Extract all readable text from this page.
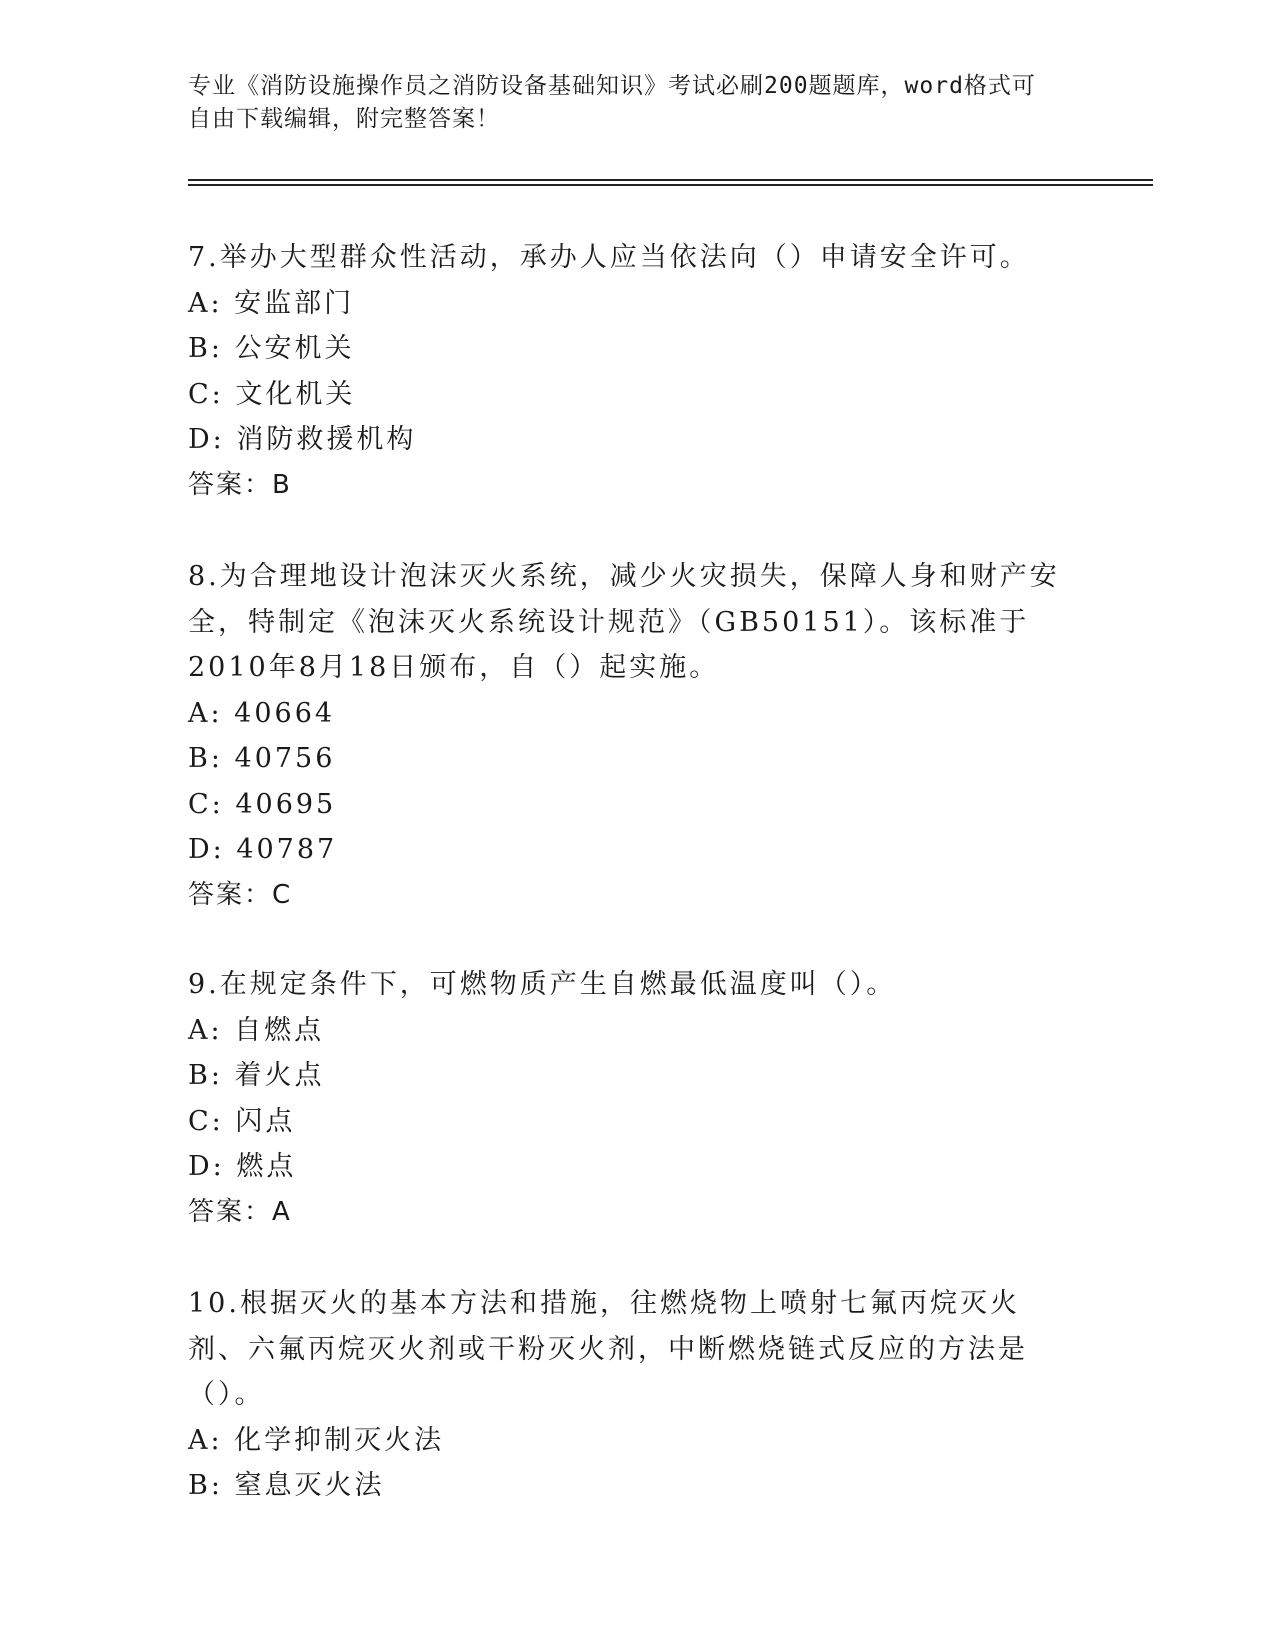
专业《消防设施操作员之消防设备基础知识》考试必刷200题题库，word格式可
自由下载编辑，附完整答案！
7.举办大型群众性活动，承办人应当依法向（）申请安全许可。
A: 安监部门
B: 公安机关
C: 文化机关
D: 消防救援机构
答案：B
8.为合理地设计泡沫灭火系统，减少火灾损失，保障人身和财产安全，特制定《泡沫灭火系统设计规范》（GB50151）。该标准于2010年8月18日颁布，自（）起实施。
A: 40664
B: 40756
C: 40695
D: 40787
答案：C
9.在规定条件下，可燃物质产生自燃最低温度叫（）。
A: 自燃点
B: 着火点
C: 闪点
D: 燃点
答案：A
10.根据灭火的基本方法和措施，往燃烧物上喷射七氟丙烷灭火剂、六氟丙烷灭火剂或干粉灭火剂，中断燃烧链式反应的方法是（）。
A: 化学抑制灭火法
B: 窒息灭火法
